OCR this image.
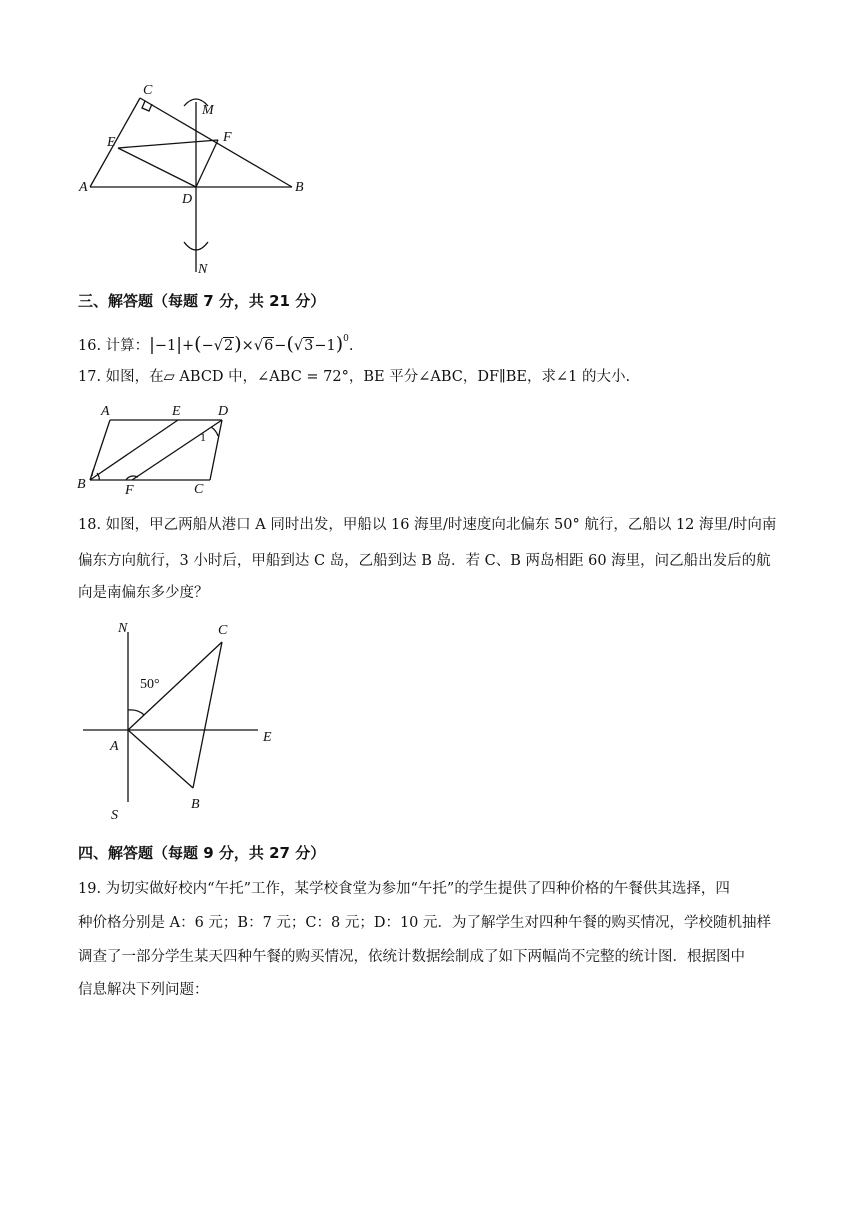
C
M
E	F
A
D
B
N
三、解答题（每题 7 分，共 21 分）
16. 计算：$|-1|+(-√2)\times√6-(√3-1)^0$.
17. 如图，在▱ ABCD 中，∠ABC = 72°，BE 平分∠ABC，DF∥BE，求∠1 的大小.
A	E	D
1
B	F	C
18. 如图，甲乙两船从港口 A 同时出发，甲船以 16 海里/时速度向北偏东 50° 航行，乙船以 12 海里/时向南
偏东方向航行，3 小时后，甲船到达 C 岛，乙船到达 B 岛．若 C、B 两岛相距 60 海里，问乙船出发后的航
向是南偏东多少度？
N	C
50°
A
E
S
B
四、解答题（每题 9 分，共 27 分）
19. 为切实做好校内“午托”工作，某学校食堂为参加“午托”的学生提供了四种价格的午餐供其选择，四
种价格分别是 A：6 元；B：7 元；C：8 元；D：10 元．为了解学生对四种午餐的购买情况，学校随机抽样
调查了一部分学生某天四种午餐的购买情况，依统计数据绘制成了如下两幅尚不完整的统计图．根据图中
信息解决下列问题：
